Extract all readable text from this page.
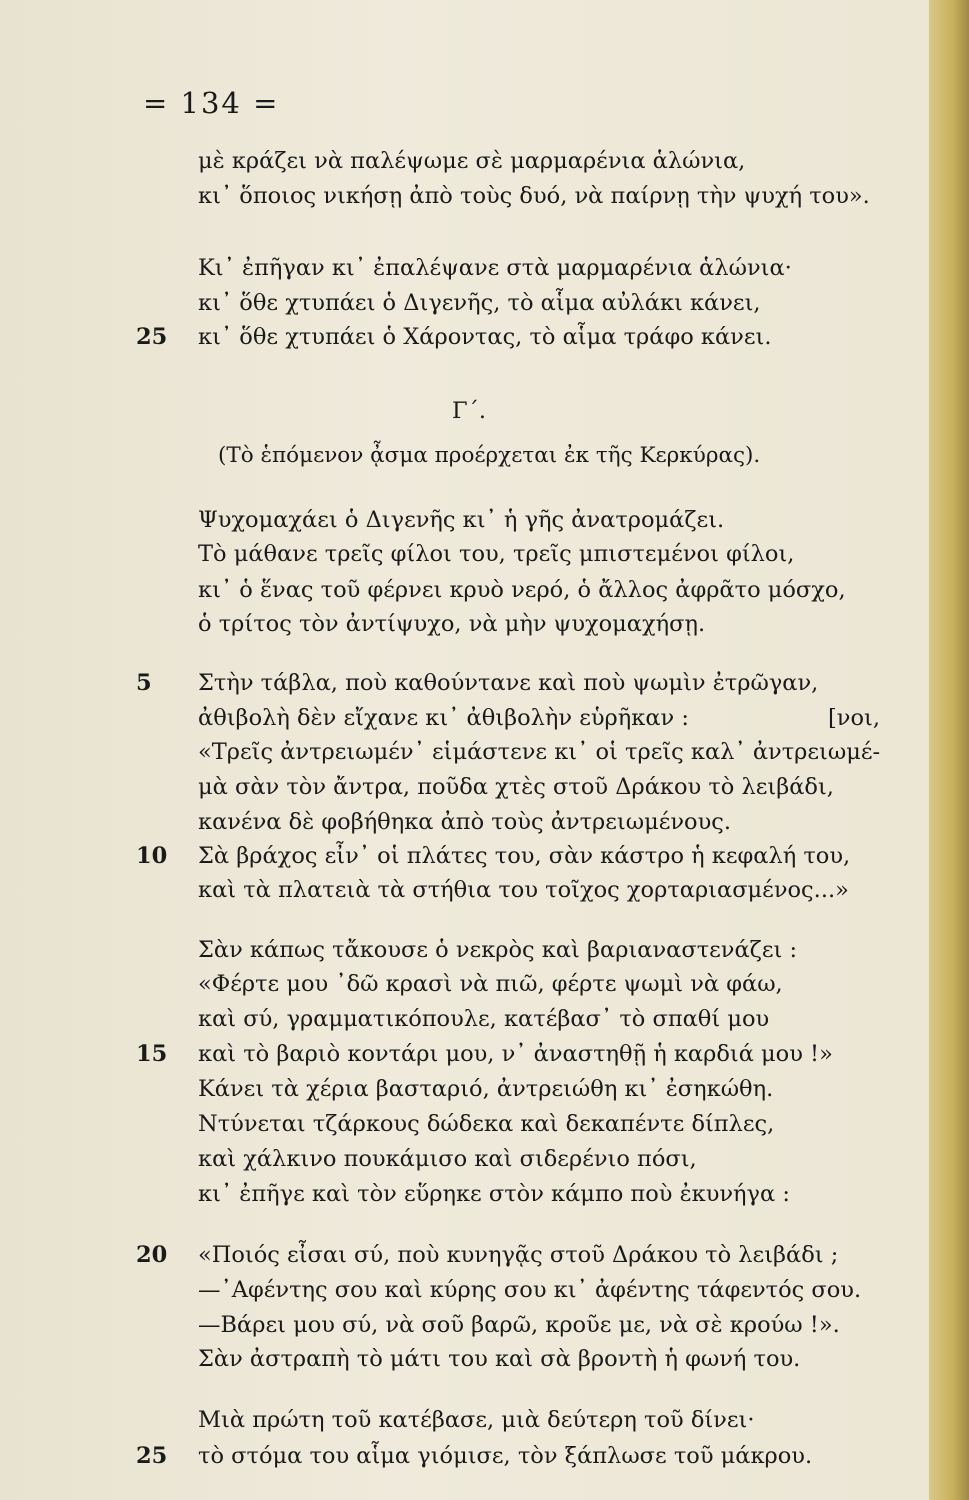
= 134 =
μὲ κράζει νὰ παλέψωμε σὲ μαρμαρένια ἁλώνια,
κι᾿ ὅποιος νικήσῃ ἀπὸ τοὺς δυό, νὰ παίρνῃ τὴν ψυχή του».
Κι᾿ ἐπῆγαν κι᾿ ἐπαλέψανε στὰ μαρμαρένια ἁλώνια·
κι᾿ ὅθε χτυπάει ὁ Διγενῆς, τὸ αἷμα αὐλάκι κάνει,
25 κι᾿ ὅθε χτυπάει ὁ Χάροντας, τὸ αἷμα τράφο κάνει.
Γ΄.
(Τὸ ἑπόμενον ᾆσμα προέρχεται ἐκ τῆς Κερκύρας).
Ψυχομαχάει ὁ Διγενῆς κι᾿ ἡ γῆς ἀνατρομάζει.
Τὸ μάθανε τρεῖς φίλοι του, τρεῖς μπιστεμένοι φίλοι,
κι᾿ ὁ ἕνας τοῦ φέρνει κρυὸ νερό, ὁ ἄλλος ἀφρᾶτο μόσχο,
ὁ τρίτος τὸν ἀντίψυχο, νὰ μὴν ψυχομαχήσῃ.
5 Στὴν τάβλα, ποὺ καθούντανε καὶ ποὺ ψωμὶν ἐτρῶγαν,
ἀθιβολὴ δὲν εἴχανε κι᾿ ἀθιβολὴν εὑρῆκαν :	[νοι,
«Τρεῖς ἀντρειωμέν᾿ εἱμάστενε κι᾿ οἱ τρεῖς καλ᾿ ἀντρειωμέ-
μὰ σὰν τὸν ἄντρα, ποῦδα χτὲς στοῦ Δράκου τὸ λειβάδι,
κανένα δὲ φοβήθηκα ἀπὸ τοὺς ἀντρειωμένους.
10 Σὰ βράχος εἶν᾿ οἱ πλάτες του, σὰν κάστρο ἡ κεφαλή του,
καὶ τὰ πλατειὰ τὰ στήθια του τοῖχος χορταριασμένος...»
Σὰν κάπως τἄκουσε ὁ νεκρὸς καὶ βαριαναστενάζει :
«Φέρτε μου ᾿δῶ κρασὶ νὰ πιῶ, φέρτε ψωμὶ νὰ φάω,
καὶ σύ, γραμματικόπουλε, κατέβασ᾿ τὸ σπαθί μου
15 καὶ τὸ βαριὸ κοντάρι μου, ν᾿ ἀναστηθῇ ἡ καρδιά μου !»
Κάνει τὰ χέρια βασταριό, ἀντρειώθη κι᾿ ἐσηκώθη.
Ντύνεται τζάρκους δώδεκα καὶ δεκαπέντε δίπλες,
καὶ χάλκινο πουκάμισο καὶ σιδερένιο πόσι,
κι᾿ ἐπῆγε καὶ τὸν εὕρηκε στὸν κάμπο ποὺ ἐκυνήγα :
20 «Ποιός εἶσαι σύ, ποὺ κυνηγᾷς στοῦ Δράκου τὸ λειβάδι ;
—᾿Αφέντης σου καὶ κύρης σου κι᾿ ἀφέντης τάφεντός σου.
—Βάρει μου σύ, νὰ σοῦ βαρῶ, κροῦε με, νὰ σὲ κρούω !».
Σὰν ἀστραπὴ τὸ μάτι του καὶ σὰ βροντὴ ἡ φωνή του.
Μιὰ πρώτη τοῦ κατέβασε, μιὰ δεύτερη τοῦ δίνει·
25 τὸ στόμα του αἷμα γιόμισε, τὸν ξάπλωσε τοῦ μάκρου.
